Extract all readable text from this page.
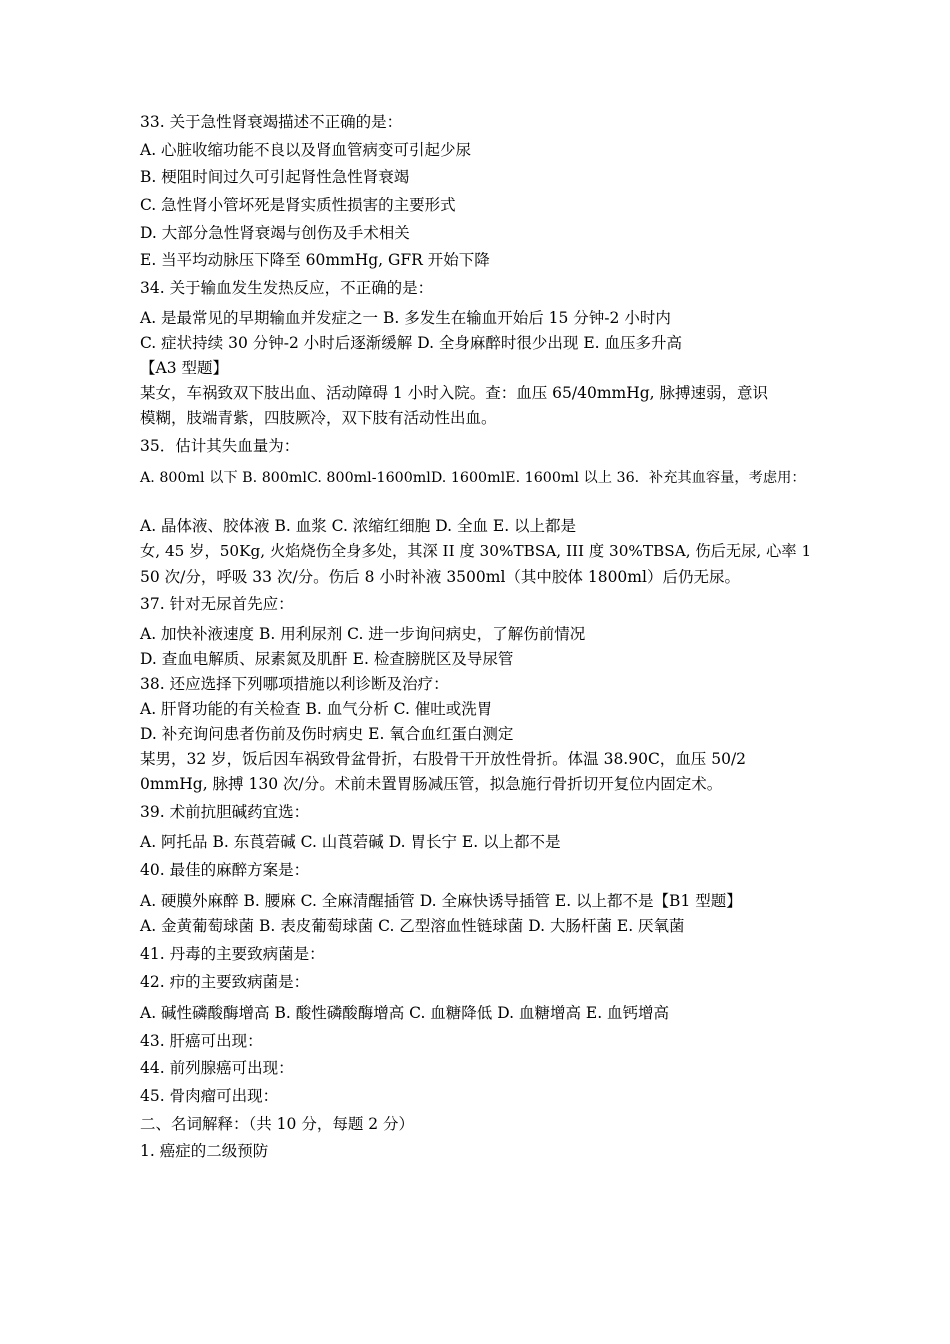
33. 关于急性肾衰竭描述不正确的是：
A. 心脏收缩功能不良以及肾血管病变可引起少尿
B. 梗阻时间过久可引起肾性急性肾衰竭
C. 急性肾小管坏死是肾实质性损害的主要形式
D. 大部分急性肾衰竭与创伤及手术相关
E. 当平均动脉压下降至 60mmHg, GFR 开始下降
34. 关于输血发生发热反应，不正确的是：
A. 是最常见的早期输血并发症之一 B. 多发生在输血开始后 15 分钟-2 小时内
C. 症状持续 30 分钟-2 小时后逐渐缓解 D. 全身麻醉时很少出现 E. 血压多升高
【A3 型题】
某女，车祸致双下肢出血、活动障碍 1 小时入院。查：血压 65/40mmHg, 脉搏速弱，意识
模糊，肢端青紫，四肢厥冷，双下肢有活动性出血。
35．估计其失血量为：
A. 800ml 以下 B. 800mlC. 800ml-1600mlD. 1600mlE. 1600ml 以上 36．补充其血容量，考虑用：
A. 晶体液、胶体液 B. 血浆 C. 浓缩红细胞 D. 全血 E. 以上都是
女, 45 岁，50Kg, 火焰烧伤全身多处，其深 II 度 30%TBSA, III 度 30%TBSA, 伤后无尿, 心率 1
50 次/分，呼吸 33 次/分。伤后 8 小时补液 3500ml（其中胶体 1800ml）后仍无尿。
37. 针对无尿首先应：
A. 加快补液速度 B. 用利尿剂 C. 进一步询问病史，了解伤前情况
D. 查血电解质、尿素氮及肌酐 E. 检查膀胱区及导尿管
38. 还应选择下列哪项措施以利诊断及治疗：
A. 肝肾功能的有关检查 B. 血气分析 C. 催吐或洗胃
D. 补充询问患者伤前及伤时病史 E. 氧合血红蛋白测定
某男，32 岁，饭后因车祸致骨盆骨折，右股骨干开放性骨折。体温 38.90C，血压 50/2
0mmHg, 脉搏 130 次/分。术前未置胃肠减压管，拟急施行骨折切开复位内固定术。
39. 术前抗胆碱药宜选：
A. 阿托品 B. 东莨菪碱 C. 山莨菪碱 D. 胃长宁 E. 以上都不是
40. 最佳的麻醉方案是：
A. 硬膜外麻醉 B. 腰麻 C. 全麻清醒插管 D. 全麻快诱导插管 E. 以上都不是【B1 型题】
A. 金黄葡萄球菌 B. 表皮葡萄球菌 C. 乙型溶血性链球菌 D. 大肠杆菌 E. 厌氧菌
41. 丹毒的主要致病菌是：
42. 疖的主要致病菌是：
A. 碱性磷酸酶增高 B. 酸性磷酸酶增高 C. 血糖降低 D. 血糖增高 E. 血钙增高
43. 肝癌可出现：
44. 前列腺癌可出现：
45. 骨肉瘤可出现：
二、名词解释：（共 10 分，每题 2 分）
1. 癌症的二级预防
